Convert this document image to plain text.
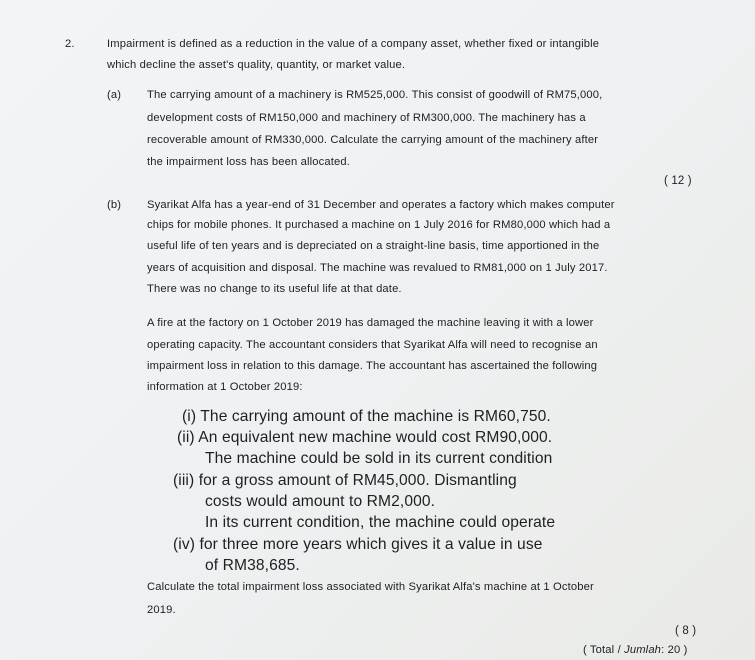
2.	Impairment is defined as a reduction in the value of a company asset, whether fixed or intangible
which decline the asset's quality, quantity, or market value.
(a) The carrying amount of a machinery is RM525,000. This consist of goodwill of RM75,000,
development costs of RM150,000 and machinery of RM300,000. The machinery has a
recoverable amount of RM330,000. Calculate the carrying amount of the machinery after
the impairment loss has been allocated.
( 12 )
(b) Syarikat Alfa has a year-end of 31 December and operates a factory which makes computer
chips for mobile phones. It purchased a machine on 1 July 2016 for RM80,000 which had a
useful life of ten years and is depreciated on a straight-line basis, time apportioned in the
years of acquisition and disposal. The machine was revalued to RM81,000 on 1 July 2017.
There was no change to its useful life at that date.
A fire at the factory on 1 October 2019 has damaged the machine leaving it with a lower
operating capacity. The accountant considers that Syarikat Alfa will need to recognise an
impairment loss in relation to this damage. The accountant has ascertained the following
information at 1 October 2019:
(i) The carrying amount of the machine is RM60,750.
(ii) An equivalent new machine would cost RM90,000.
The machine could be sold in its current condition
(iii) for a gross amount of RM45,000. Dismantling
costs would amount to RM2,000.
In its current condition, the machine could operate
(iv) for three more years which gives it a value in use
of RM38,685.
Calculate the total impairment loss associated with Syarikat Alfa's machine at 1 October
2019.
( 8 )
( Total / Jumlah: 20 )
